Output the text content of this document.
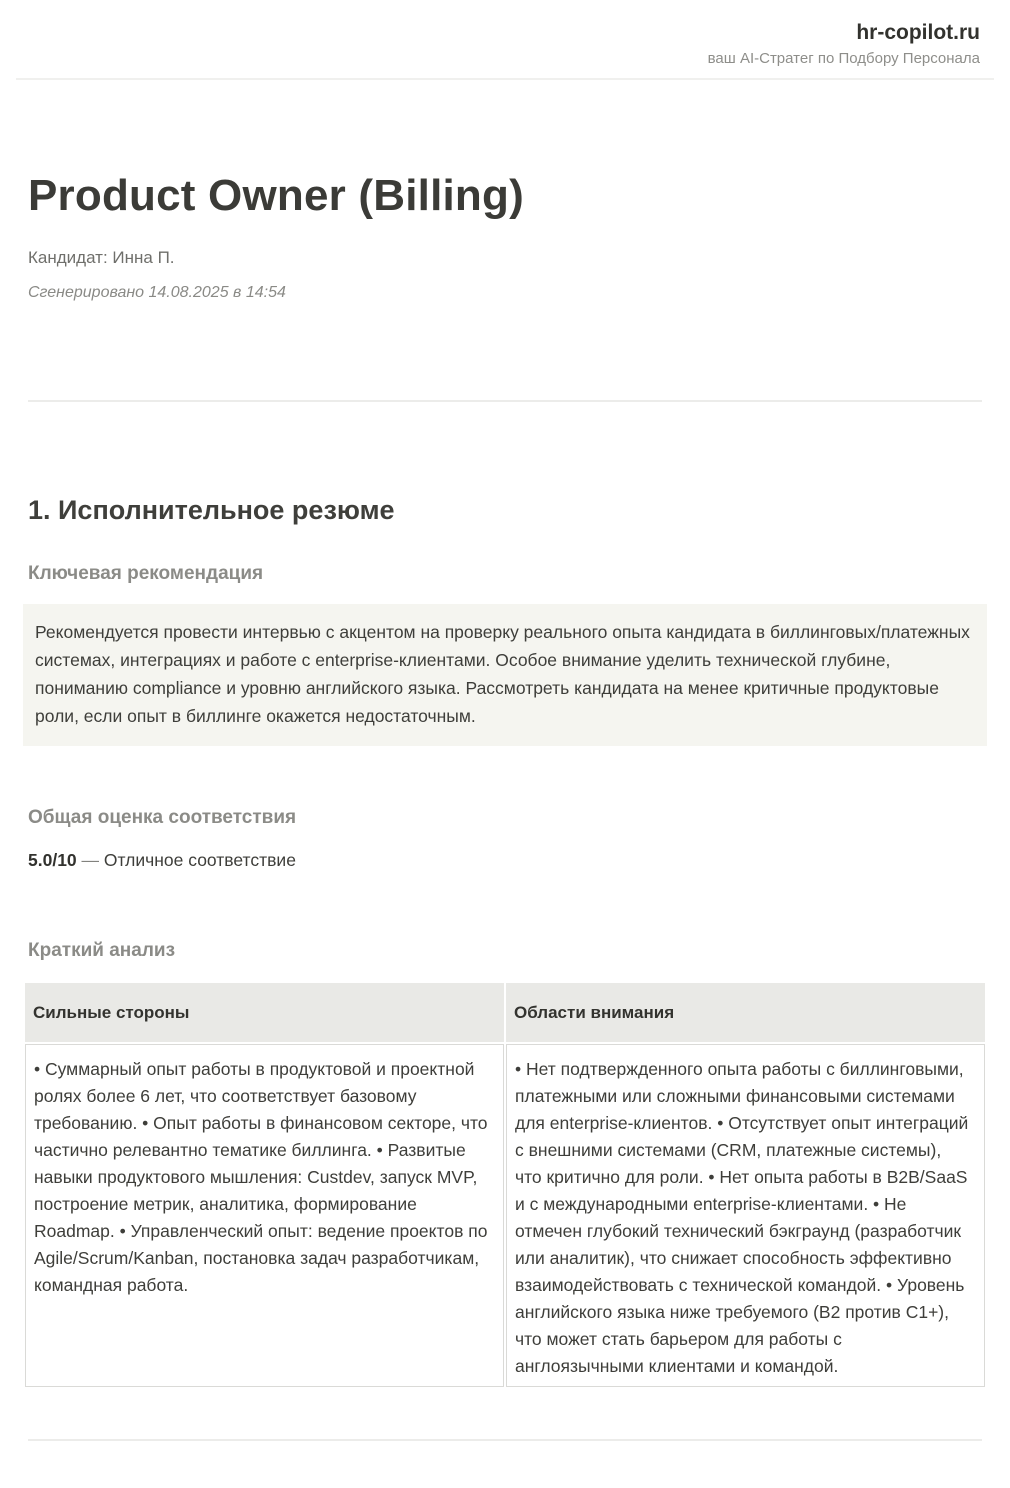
hr-copilot.ru
ваш AI-Стратег по Подбору Персонала
Product Owner (Billing)

Кандидат: Инна П.

Сгенерировано 14.08.2025 в 14:54

1. Исполнительное резюме
Ключевая рекомендация
Рекомендуется провести интервью с акцентом на проверку реального опыта кандидата в биллинговых/платежных системах, интеграциях и работе с enterprise-клиентами. Особое внимание уделить технической глубине, пониманию compliance и уровню английского языка. Рассмотреть кандидата на менее критичные продуктовые роли, если опыт в биллинге окажется недостаточным.
Общая оценка соответствия

5.0/10 — Отличное соответствие

Краткий анализ
Сильные стороны	Области внимания
• Суммарный опыт работы в продуктовой и проектной ролях более 6 лет, что соответствует базовому требованию. • Опыт работы в финансовом секторе, что частично релевантно тематике биллинга. • Развитые навыки продуктового мышления: Custdev, запуск MVP, построение метрик, аналитика, формирование Roadmap. • Управленческий опыт: ведение проектов по Agile/Scrum/Kanban, постановка задач разработчикам, командная работа.	• Нет подтвержденного опыта работы с биллинговыми, платежными или сложными финансовыми системами для enterprise-клиентов. • Отсутствует опыт интеграций с внешними системами (CRM, платежные системы), что критично для роли. • Нет опыта работы в B2B/SaaS и с международными enterprise-клиентами. • Не отмечен глубокий технический бэкграунд (разработчик или аналитик), что снижает способность эффективно взаимодействовать с технической командой. • Уровень английского языка ниже требуемого (B2 против C1+), что может стать барьером для работы с англоязычными клиентами и командой.
